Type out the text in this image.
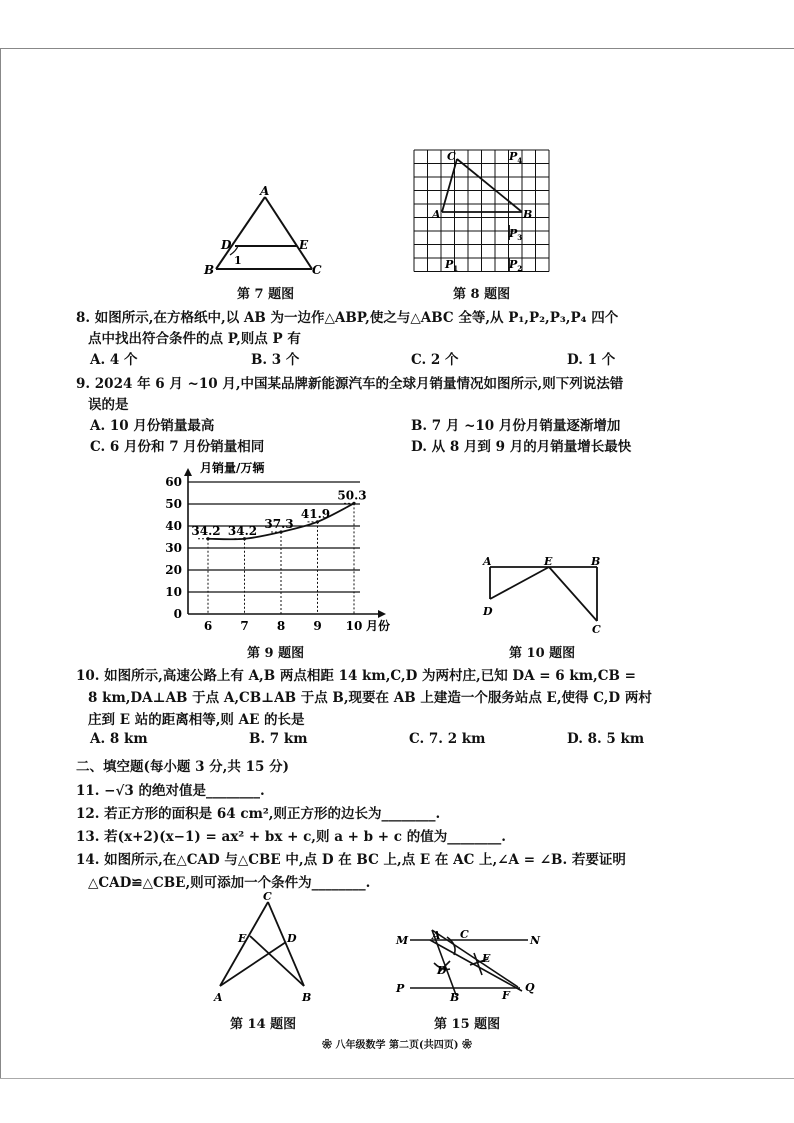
A
D	E
B	C
1
第 7 题图
C
A	B
$P_4$
$P_3$
$P_1$	$P_2$
第 8 题图
8. 如图所示,在方格纸中,以 AB 为一边作△ABP,使之与△ABC 全等,从 P₁,P₂,P₃,P₄ 四个
点中找出符合条件的点 P,则点 P 有
A. 4 个	B. 3 个	C. 2 个	D. 1 个
9. 2024 年 6 月 ~10 月,中国某品牌新能源汽车的全球月销量情况如图所示,则下列说法错
误的是
A. 10 月份销量最高	B. 7 月 ~10 月份月销量逐渐增加
C. 6 月份和 7 月份销量相同	D. 从 8 月到 9 月的月销量增长最快
月销量/万辆
月份
0
10
20
30
40
50
60
6 7 8 9 10
34.2 34.2 37.3
41.9
50.3
第 9 题图
A	E	B
D
C
第 10 题图
10. 如图所示,高速公路上有 A,B 两点相距 14 km,C,D 为两村庄,已知 DA = 6 km,CB =
8 km,DA⊥AB 于点 A,CB⊥AB 于点 B,现要在 AB 上建造一个服务站点 E,使得 C,D 两村
庄到 E 站的距离相等,则 AE 的长是
A. 8 km	B. 7 km	C. 7. 2 km	D. 8. 5 km
二、填空题(每小题 3 分,共 15 分)
11. −√3 的绝对值是________.
12. 若正方形的面积是 64 cm²,则正方形的边长为________.
13. 若(x+2)(x−1) = ax² + bx + c,则 a + b + c 的值为________.
14. 如图所示,在△CAD 与△CBE 中,点 D 在 BC 上,点 E 在 AC 上,∠A = ∠B. 若要证明
△CAD≌△CBE,则可添加一个条件为________.
C
E	D
A	B
第 14 题图
M A C	N
D
E
P
B	F
Q
第 15 题图
❀ 八年级数学 第二页(共四页) ❀
